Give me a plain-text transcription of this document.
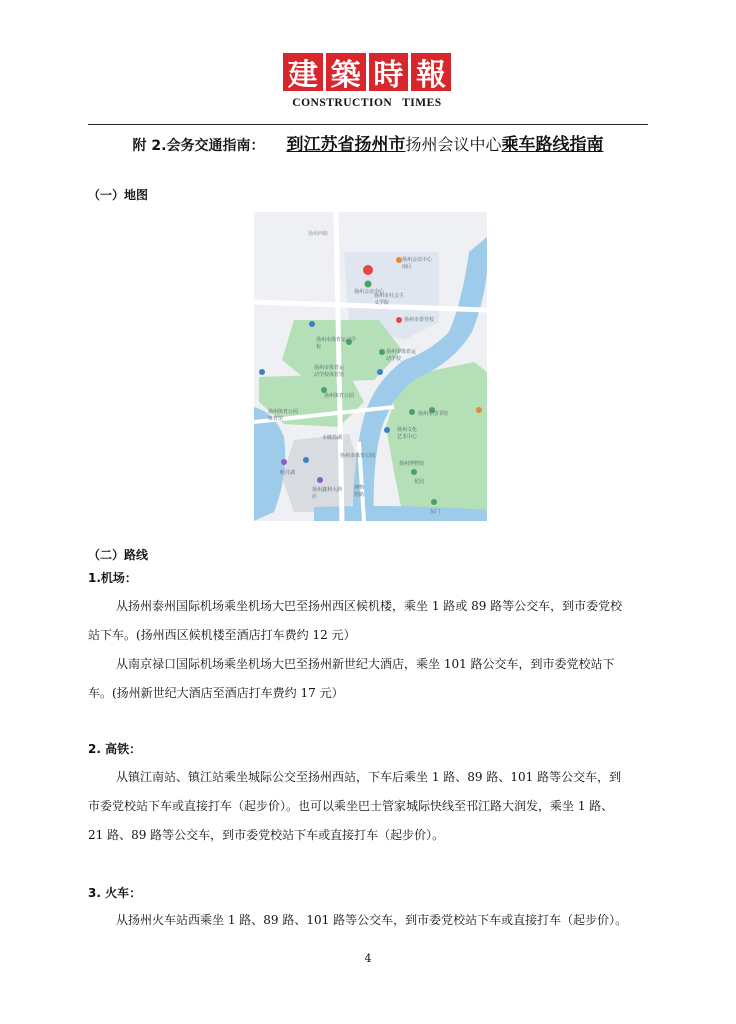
建 築 時 報
CONSTRUCTION   TIMES
附 2.会务交通指南： 到江苏省扬州市扬州会议中心乘车路线指南
（一）地图
扬州西路
扬州会议中心
扬州会议中心 南区
扬州市社会主义学院
扬州市委党校
扬州市体育运动学校
扬州市体育运动学校
扬州市体育运动学校体育馆
扬州体育公园
扬州体育公园体育馆
水映岛湖
扬州市体育公园
扬州市图书馆
扬州文化艺术中心
扬州博物馆
扬州鑫利大酒店
明月湖
博物馆路
花园
东门
（二）路线
1.机场：
从扬州泰州国际机场乘坐机场大巴至扬州西区候机楼，乘坐 1 路或 89 路等公交车，到市委党校
站下车。(扬州西区候机楼至酒店打车费约 12 元）
从南京禄口国际机场乘坐机场大巴至扬州新世纪大酒店，乘坐 101 路公交车，到市委党校站下
车。(扬州新世纪大酒店至酒店打车费约 17 元）
2. 高铁：
从镇江南站、镇江站乘坐城际公交至扬州西站，下车后乘坐 1 路、89 路、101 路等公交车，到
市委党校站下车或直接打车（起步价）。也可以乘坐巴士管家城际快线至邗江路大润发，乘坐 1 路、
21 路、89 路等公交车，到市委党校站下车或直接打车（起步价）。
3. 火车：
从扬州火车站西乘坐 1 路、89 路、101 路等公交车，到市委党校站下车或直接打车（起步价）。
4
